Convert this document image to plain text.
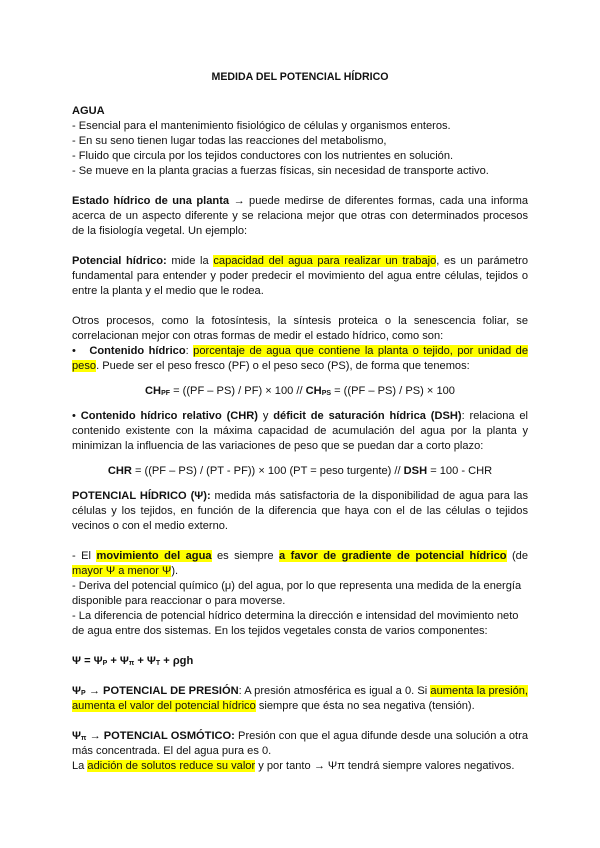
MEDIDA DEL POTENCIAL HÍDRICO
AGUA
- Esencial para el mantenimiento fisiológico de células y organismos enteros.
- En su seno tienen lugar todas las reacciones del metabolismo,
- Fluido que circula por los tejidos conductores con los nutrientes en solución.
- Se mueve en la planta gracias a fuerzas físicas, sin necesidad de transporte activo.
Estado hídrico de una planta → puede medirse de diferentes formas, cada una informa acerca de un aspecto diferente y se relaciona mejor que otras con determinados procesos de la fisiología vegetal. Un ejemplo:
Potencial hídrico: mide la capacidad del agua para realizar un trabajo, es un parámetro fundamental para entender y poder predecir el movimiento del agua entre células, tejidos o entre la planta y el medio que le rodea.
Otros procesos, como la fotosíntesis, la síntesis proteica o la senescencia foliar, se correlacionan mejor con otras formas de medir el estado hídrico, como son:
• Contenido hídrico: porcentaje de agua que contiene la planta o tejido, por unidad de peso. Puede ser el peso fresco (PF) o el peso seco (PS), de forma que tenemos:
$CH_{PF} = ((PF - PS) / PF) \times 100 // CH_{PS} = ((PF - PS) / PS) \times 100$
• Contenido hídrico relativo (CHR) y déficit de saturación hídrica (DSH): relaciona el contenido existente con la máxima capacidad de acumulación del agua por la planta y minimizan la influencia de las variaciones de peso que se puedan dar a corto plazo:
CHR = ((PF – PS) / (PT - PF)) × 100 (PT = peso turgente) // DSH = 100 - CHR
POTENCIAL HÍDRICO (Ψ): medida más satisfactoria de la disponibilidad de agua para las células y los tejidos, en función de la diferencia que haya con el de las células o tejidos vecinos o con el medio externo.
- El movimiento del agua es siempre a favor de gradiente de potencial hídrico (de mayor Ψ a menor Ψ).
- Deriva del potencial químico (μ) del agua, por lo que representa una medida de la energía disponible para reaccionar o para moverse.
- La diferencia de potencial hídrico determina la dirección e intensidad del movimiento neto de agua entre dos sistemas. En los tejidos vegetales consta de varios componentes:
$\Psi = \Psi_P + \Psi_\pi + \Psi_T + \rho gh$
$\Psi_P$ → POTENCIAL DE PRESIÓN: A presión atmosférica es igual a 0. Si aumenta la presión, aumenta el valor del potencial hídrico siempre que ésta no sea negativa (tensión).
$\Psi_\pi$ → POTENCIAL OSMÓTICO: Presión con que el agua difunde desde una solución a otra más concentrada. El del agua pura es 0.
La adición de solutos reduce su valor y por tanto → Ψπ tendrá siempre valores negativos.
